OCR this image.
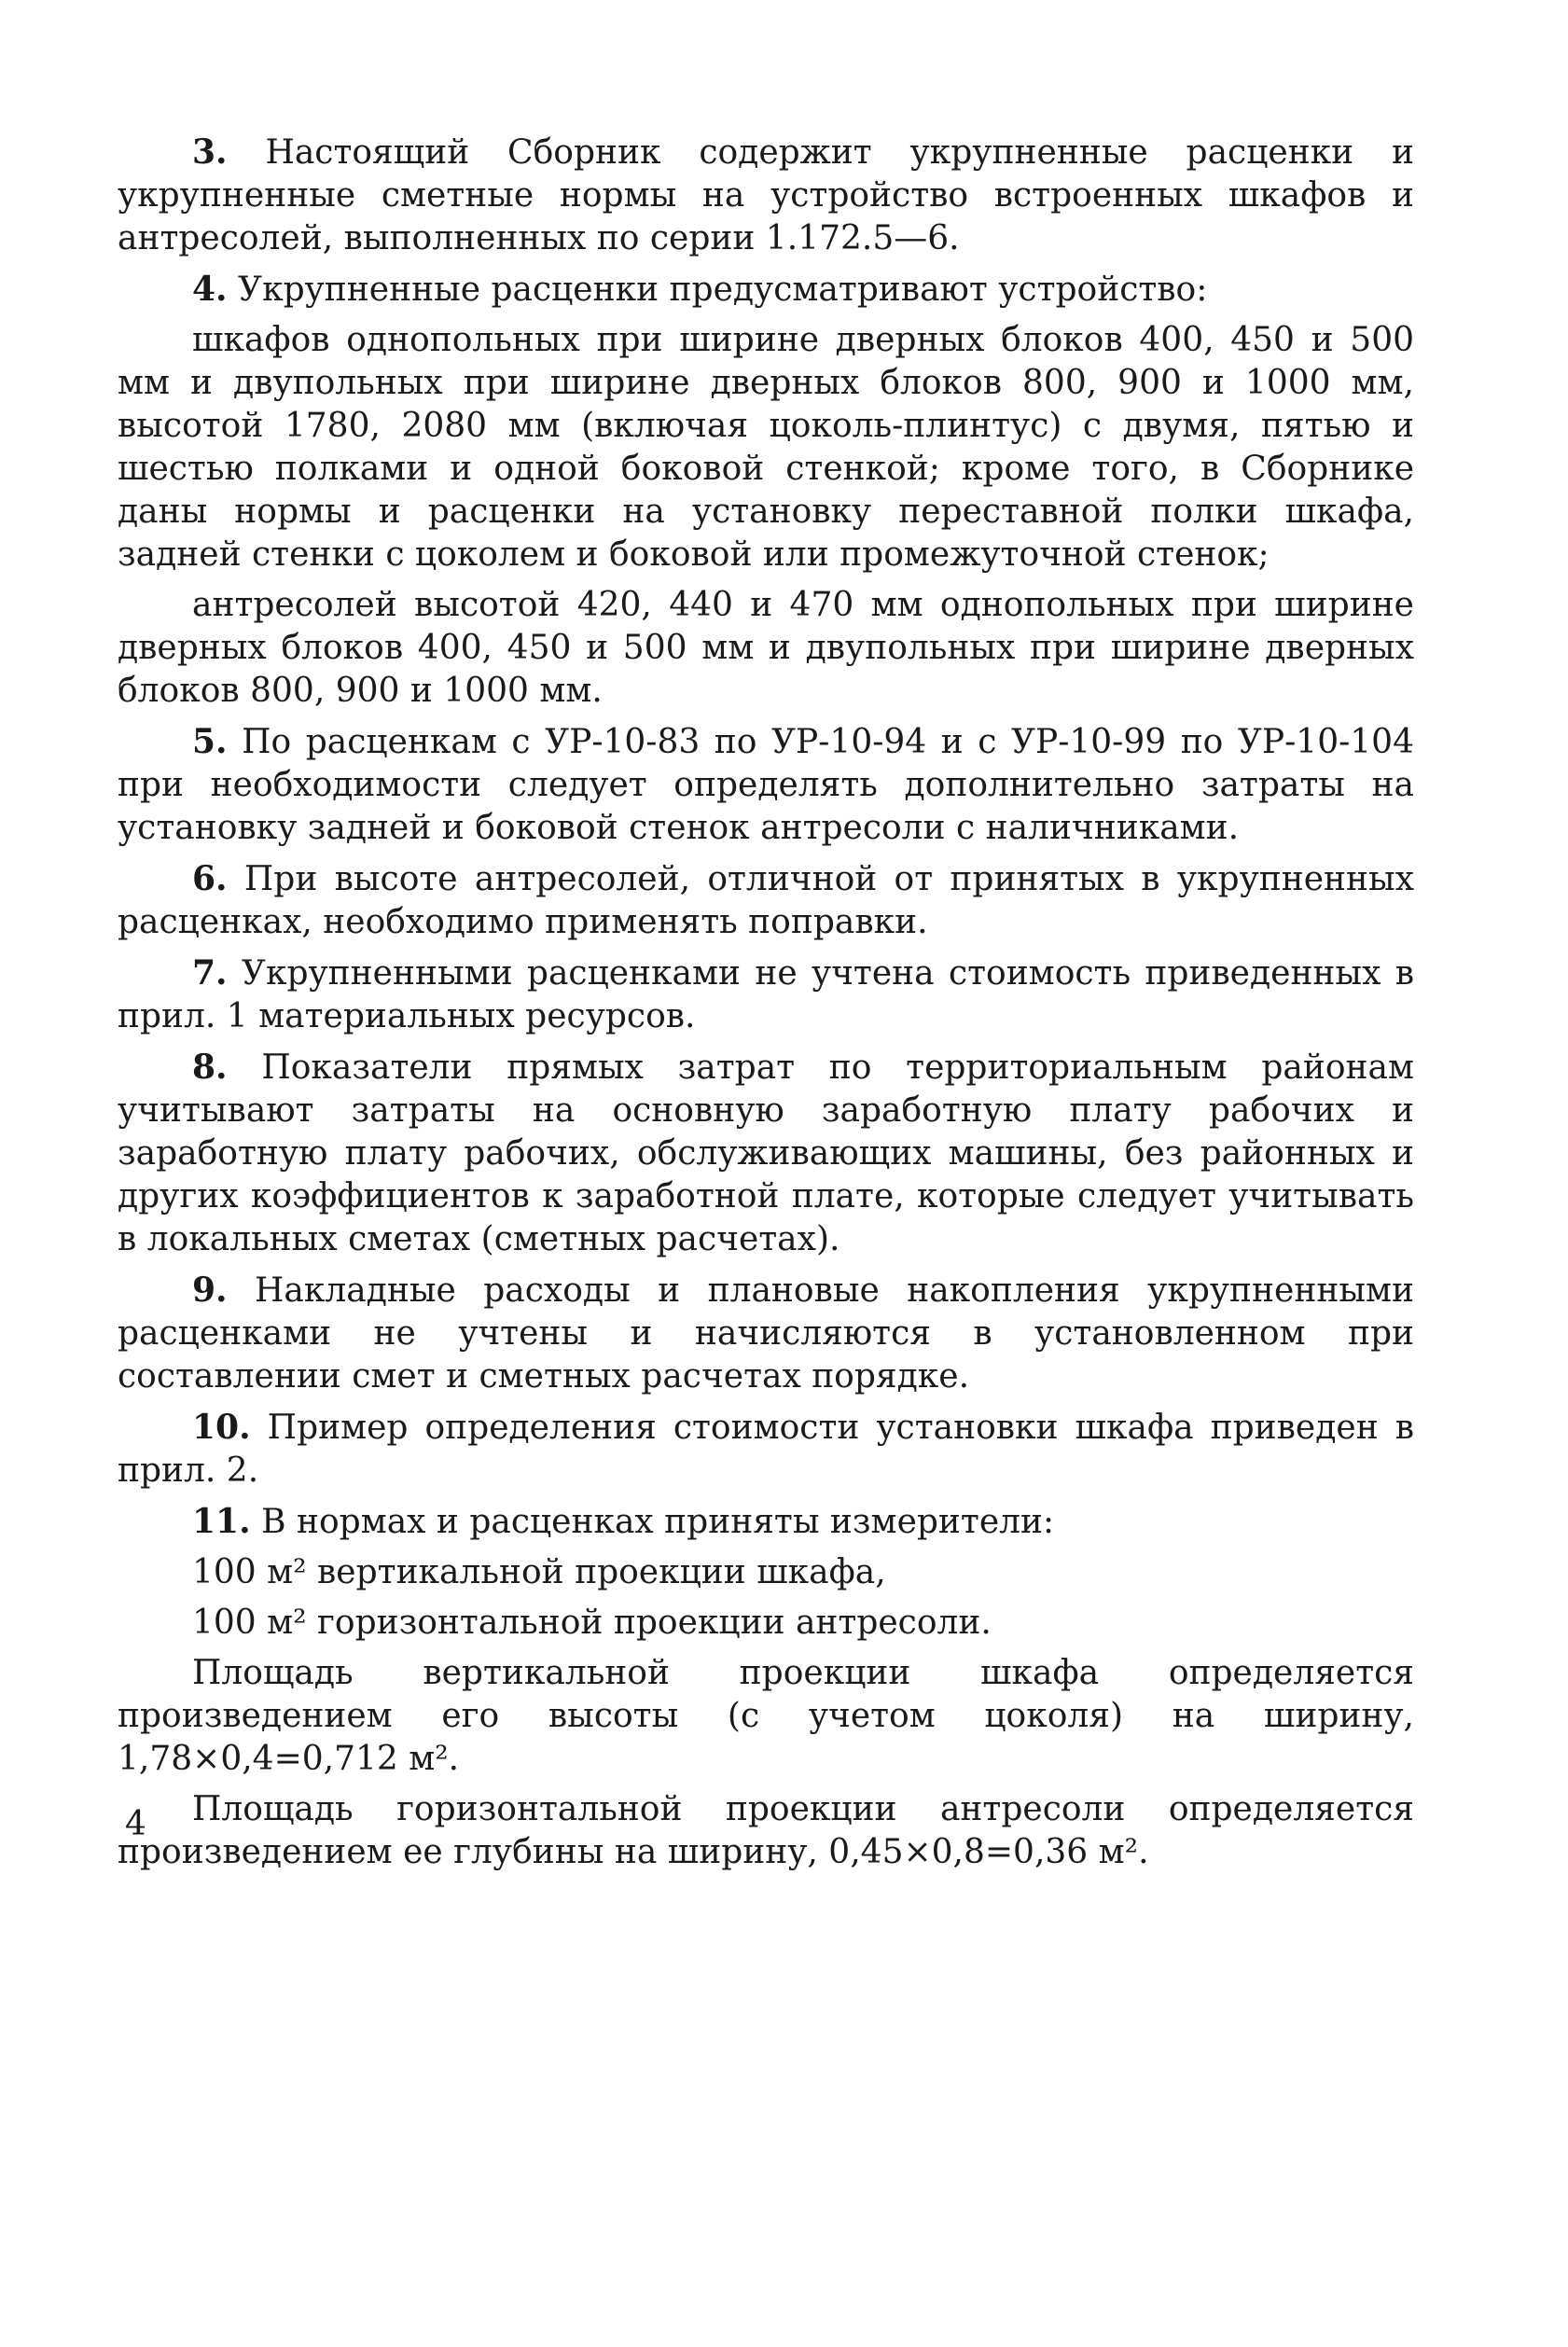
3. Настоящий Сборник содержит укрупненные расценки и укрупненные сметные нормы на устройство встроенных шкафов и антресолей, выполненных по серии 1.172.5—6.

4. Укрупненные расценки предусматривают устройство:

шкафов однопольных при ширине дверных блоков 400, 450 и 500 мм и двупольных при ширине дверных блоков 800, 900 и 1000 мм, высотой 1780, 2080 мм (включая цоколь-плинтус) с двумя, пятью и шестью полками и одной боковой стенкой; кроме того, в Сборнике даны нормы и расценки на установку переставной полки шкафа, задней стенки с цоколем и боковой или промежуточной стенок;

антресолей высотой 420, 440 и 470 мм однопольных при ширине дверных блоков 400, 450 и 500 мм и двупольных при ширине дверных блоков 800, 900 и 1000 мм.

5. По расценкам с УР-10-83 по УР-10-94 и с УР-10-99 по УР-10-104 при необходимости следует определять дополнительно затраты на установку задней и боковой стенок антресоли с наличниками.

6. При высоте антресолей, отличной от принятых в укрупненных расценках, необходимо применять поправки.

7. Укрупненными расценками не учтена стоимость приведенных в прил. 1 материальных ресурсов.

8. Показатели прямых затрат по территориальным районам учитывают затраты на основную заработную плату рабочих и заработную плату рабочих, обслуживающих машины, без районных и других коэффициентов к заработной плате, которые следует учитывать в локальных сметах (сметных расчетах).

9. Накладные расходы и плановые накопления укрупненными расценками не учтены и начисляются в установленном при составлении смет и сметных расчетах порядке.

10. Пример определения стоимости установки шкафа приведен в прил. 2.

11. В нормах и расценках приняты измерители:

100 м² вертикальной проекции шкафа,

100 м² горизонтальной проекции антресоли.

Площадь вертикальной проекции шкафа определяется произведением его высоты (с учетом цоколя) на ширину, 1,78×0,4=0,712 м².

Площадь горизонтальной проекции антресоли определяется произведением ее глубины на ширину, 0,45×0,8=0,36 м².

4
